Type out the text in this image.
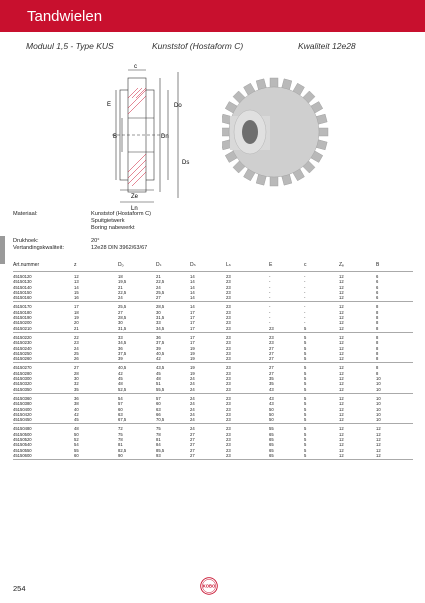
Tandwielen
Moduul 1,5 - Type KUS	Kunststof (Hostaform C)	Kwaliteit 12e28
c
E
B
Do
Dn
Ds
Ze
Ln
Materiaal:	Kunststof (Hostaform C)
Spuitgietwerk
Boring nabewerkt
Drukhoek:	20°
Vertandingskwaliteit:	12e28 DIN 3962/63/67
Art.nummer	z	Dₒ	Dₛ	Dₙ	Lₙ	E	c	Zₑ	B
45150120	12	18	21	14	23	-	-	12	6
45150130	13	19,5	22,5	14	23	-	-	12	6
45150140	14	21	24	14	23	-	-	12	6
45150150	15	22,5	25,5	14	23	-	-	12	6
45150160	16	24	27	14	23	-	-	12	6
45150170	17	25,5	28,5	14	23	-	-	12	8
45150180	18	27	30	17	23	-	-	12	8
45150190	19	28,5	31,5	17	23	-	-	12	8
45150200	20	30	33	17	23	-	-	12	8
45150210	21	31,5	34,5	17	23	23	5	12	8
45150220	22	33	36	17	23	23	5	12	8
45150230	23	34,5	37,5	17	23	23	5	12	8
45150240	24	36	39	19	23	27	5	12	8
45150250	25	37,5	40,5	19	23	27	5	12	8
45150260	26	39	42	19	23	27	5	12	8
45150270	27	40,5	43,5	19	23	27	5	12	8
45150280	28	42	45	19	23	27	5	12	8
45150300	30	45	48	24	23	35	5	12	10
45150320	32	48	51	24	23	35	5	12	10
45150350	35	52,5	55,5	24	23	43	5	12	10
45150360	36	54	57	24	23	43	5	12	10
45150380	38	57	60	24	23	43	5	12	10
45150400	40	60	63	24	23	50	5	12	10
45150420	42	63	66	24	23	50	5	12	10
45150450	45	67,5	70,5	24	23	50	5	12	10
45150480	48	72	75	24	23	55	5	12	12
45150500	50	75	78	27	23	65	5	12	12
45150520	52	78	81	27	23	65	5	12	12
45150540	54	81	84	27	23	65	5	12	12
45150550	55	82,5	85,5	27	23	65	5	12	12
45150600	60	90	93	27	23	65	5	12	12
254	KOBO
